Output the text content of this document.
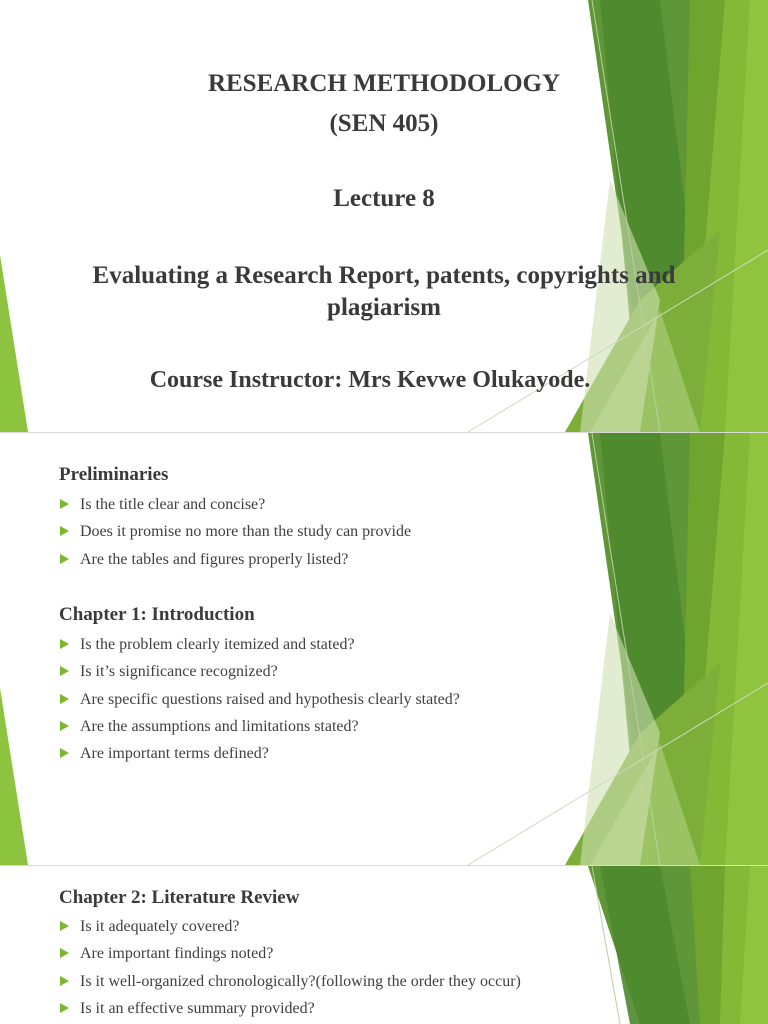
RESEARCH METHODOLOGY
(SEN 405)
Lecture 8
Evaluating a Research Report, patents, copyrights and plagiarism
Course Instructor: Mrs Kevwe Olukayode.
Preliminaries
Is the title clear and concise?
Does it promise no more than the study can provide
Are the tables and figures properly listed?
Chapter 1: Introduction
Is the problem clearly itemized and stated?
Is it’s significance recognized?
Are specific questions raised and hypothesis clearly stated?
Are the assumptions and limitations stated?
Are important terms defined?
Chapter 2: Literature Review
Is it adequately covered?
Are important findings noted?
Is it well-organized chronologically?(following the order they occur)
Is it an effective summary provided?
